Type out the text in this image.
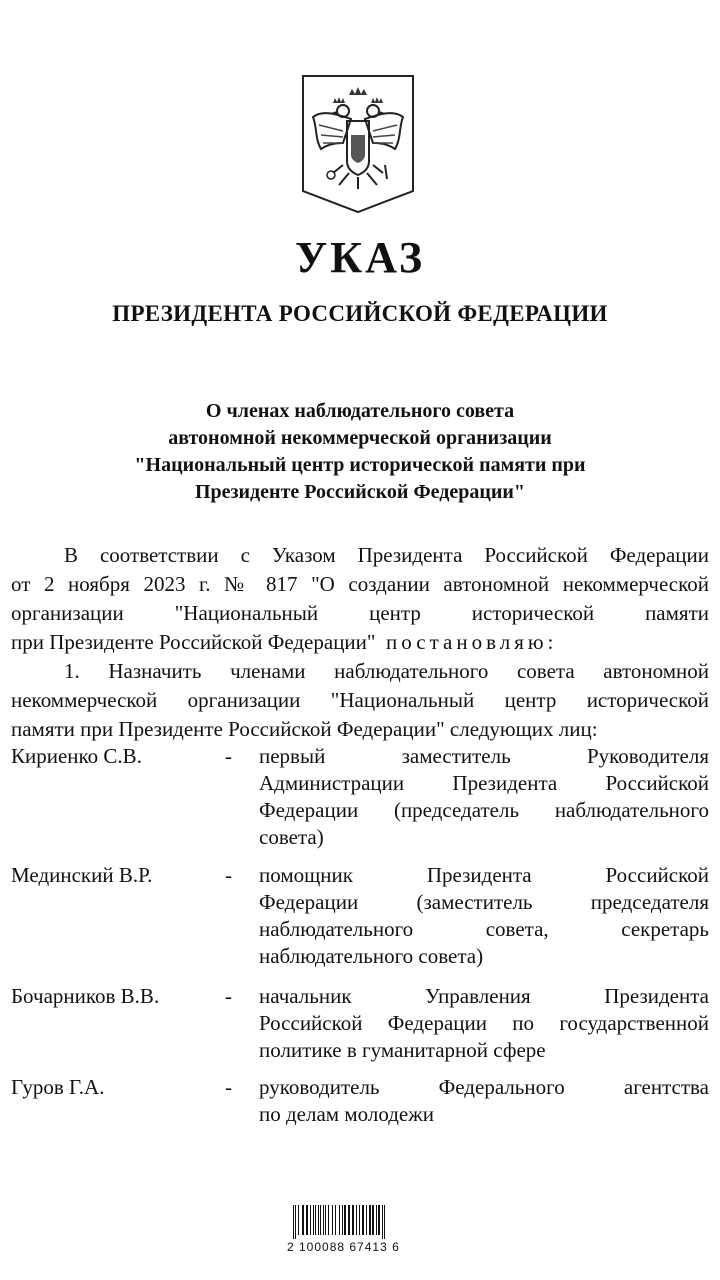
УКАЗ
ПРЕЗИДЕНТА РОССИЙСКОЙ ФЕДЕРАЦИИ
О членах наблюдательного совета
автономной некоммерческой организации
"Национальный центр исторической памяти при
Президенте Российской Федерации"
В соответствии с Указом Президента Российской Федерации
от 2 ноября 2023 г. № 817 "О создании автономной некоммерческой
организации "Национальный центр исторической памяти
при Президенте Российской Федерации" постановляю:
1. Назначить членами наблюдательного совета автономной
некоммерческой организации "Национальный центр исторической
памяти при Президенте Российской Федерации" следующих лиц:
Кириенко С.В.	- первый заместитель Руководителя
Администрации Президента Российской
Федерации (председатель наблюдательного
совета)
Мединский В.Р.	- помощник Президента Российской
Федерации (заместитель председателя
наблюдательного совета, секретарь
наблюдательного совета)
Бочарников В.В.	- начальник Управления Президента
Российской Федерации по государственной
политике в гуманитарной сфере
Гуров Г.А.	- руководитель Федерального агентства
по делам молодежи
2 100088 67413 6
